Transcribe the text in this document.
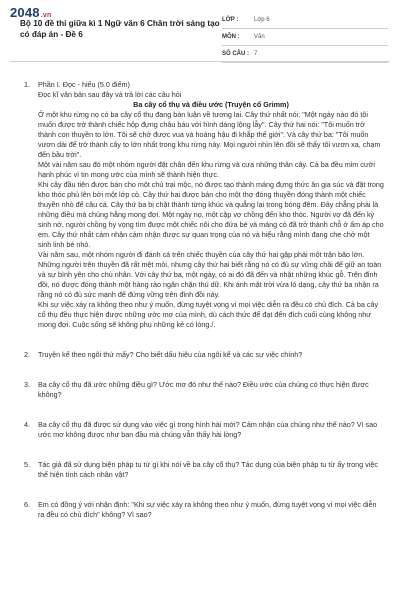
2048.vn
Bộ 10 đề thi giữa kì 1 Ngữ văn 6 Chân trời sáng tạo có đáp án - Đề 6
LỚP :	Lớp 6
MÔN :	Văn
SỐ CÂU : 7
1. Phần I. Đọc - hiểu (5.0 điểm)
Đọc kĩ văn bản sau đây và trả lời các câu hỏi
Ba cây cổ thụ và điều ước (Truyện cổ Grimm)

Ở một khu rừng nọ có ba cây cổ thụ đang bàn luận về tương lai. Cây thứ nhất nói: "Một ngày nào đó tôi muốn được trở thành chiếc hộp đựng châu báu với hình dáng lộng lẫy". Cây thứ hai nói: "Tôi muốn trở thành con thuyền to lớn. Tôi sẽ chở được vua và hoàng hậu đi khắp thế giới". Và cây thứ ba: "Tôi muốn vươn dài để trở thành cây to lớn nhất trong khu rừng này. Mọi người nhìn lên đồi sẽ thấy tôi vươn xa, chạm đến bầu trời".

Một vài năm sau đó một nhóm người đặt chân đến khu rừng và cưa những thân cây. Cả ba đều mỉm cười hạnh phúc vì tin mong ước của mình sẽ thành hiện thực.

Khi cây đầu tiên được bán cho một chủ trại mộc, nó được tạo thành máng đựng thức ăn gia súc và đặt trong kho thóc phủ lên bởi một lớp cỏ. Cây thứ hai được bán cho một thợ đóng thuyền đóng thành một chiếc thuyền nhỏ để câu cá. Cây thứ ba bị chặt thành từng khúc và quẳng lại trong bóng đêm. Đây chẳng phải là những điều mà chúng hằng mong đợi. Một ngày nọ, một cặp vợ chồng đến kho thóc. Người vợ đã đến kỳ sinh nở, người chồng hy vọng tìm được một chiếc nôi cho đứa bé và máng cỏ đã trở thành chỗ ở ấm áp cho em. Cây thứ nhất cảm nhận cảm nhận được sự quan trọng của nó và hiểu rằng mình đang che chở một sinh linh bé nhỏ.

Vài năm sau, một nhóm người đi đánh cá trên chiếc thuyền của cây thứ hai gặp phải một trận bão lớn. Những người trên thuyền đã rất mệt mỏi, nhưng cây thứ hai biết rằng nó có đủ sự vững chãi để giữ an toàn và sự bình yên cho chủ nhân. Với cây thứ ba, một ngày, có ai đó đã đến và nhặt những khúc gỗ. Trên đỉnh đồi, nó được đóng thành một hàng rào ngăn chặn thú dữ. Khi ánh mặt trời vừa ló dạng, cây thứ ba nhận ra rằng nó có đủ sức mạnh để đứng vững trên đỉnh đồi này.

Khi sự việc xảy ra không theo như ý muốn, đừng tuyệt vọng vì mọi việc diễn ra đều có chủ đích. Cả ba cây cổ thụ đều thực hiện được những ước mơ của mình, dù cách thức để đạt đến đích cuối cùng không như mong đợi. Cuộc sống sẽ không phụ những kẻ có lòng./.

2. Truyện kể theo ngôi thứ mấy? Cho biết dấu hiệu của ngôi kể và các sự việc chính?
3. Ba cây cổ thụ đã ước những điều gì? Ước mơ đó như thế nào? Điều ước của chúng có thực hiện được không?
4. Ba cây cổ thụ đã được sử dụng vào việc gì trong hình hài mới? Cảm nhận của chúng như thế nào? Vì sao ước mơ không được như ban đầu mà chúng vẫn thấy hài lòng?
5. Tác giả đã sử dụng biện pháp tu từ gì khi nói về ba cây cổ thụ? Tác dụng của biện pháp tu từ ấy trong việc thể hiện tính cách nhân vật?
6. Em có đồng ý với nhận định: "Khi sự việc xảy ra không theo như ý muốn, đừng tuyệt vọng vì mọi việc diễn ra đều có chủ đích" không? Vì sao?
